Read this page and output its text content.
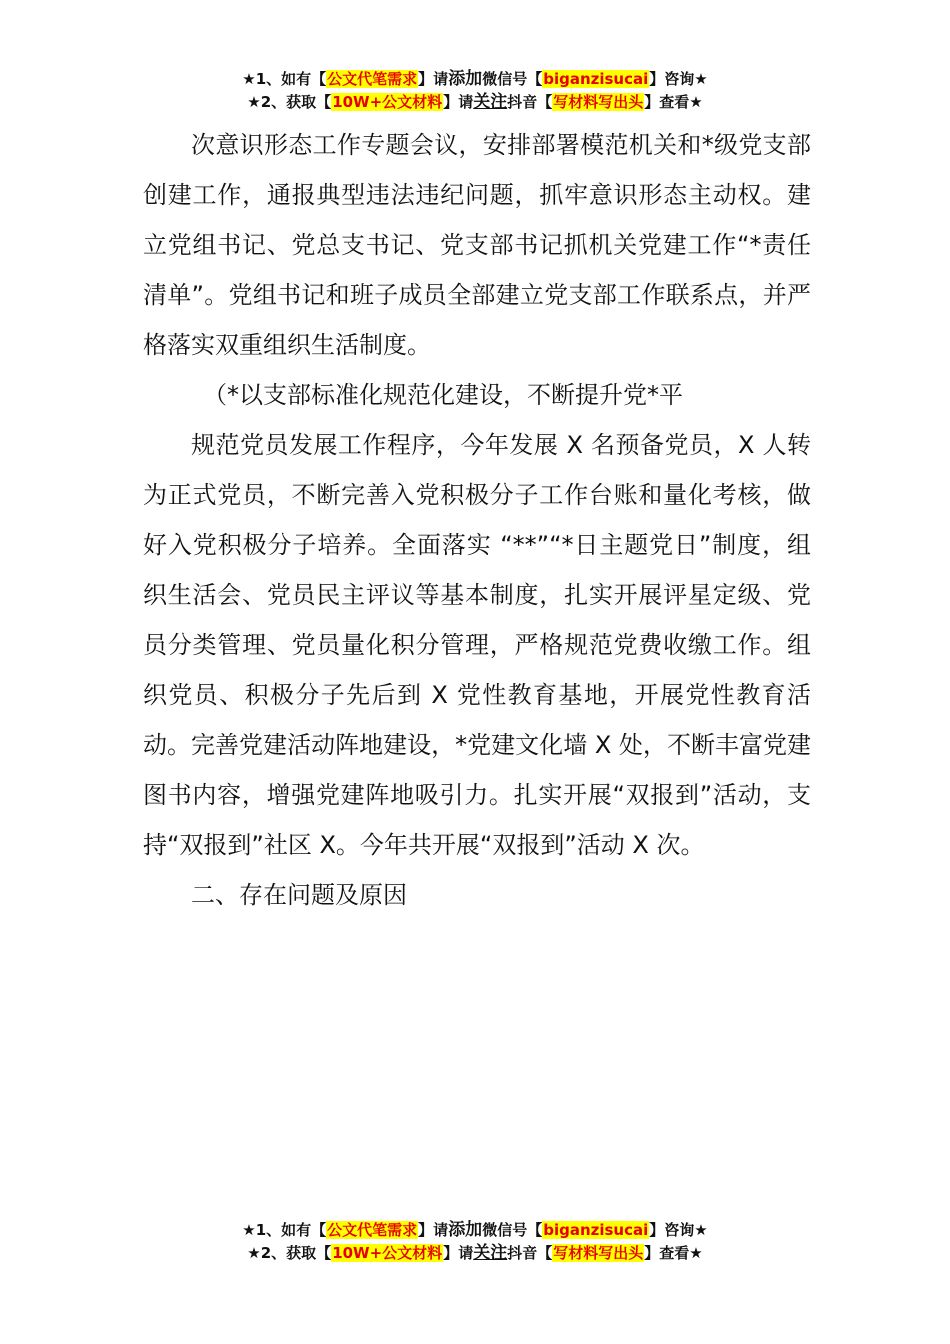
★1、如有【公文代笔需求】请添加微信号【biganzisucai】咨询★
★2、获取【10W+公文材料】请关注抖音【写材料写出头】查看★

次意识形态工作专题会议，安排部署模范机关和*级党支部创建工作，通报典型违法违纪问题，抓牢意识形态主动权。建立党组书记、党总支书记、党支部书记抓机关党建工作“*责任清单”。党组书记和班子成员全部建立党支部工作联系点，并严格落实双重组织生活制度。

（*以支部标准化规范化建设，不断提升党*平

规范党员发展工作程序，今年发展 X 名预备党员，X 人转为正式党员，不断完善入党积极分子工作台账和量化考核，做好入党积极分子培养。全面落实 “**”“*日主题党日”制度，组织生活会、党员民主评议等基本制度，扎实开展评星定级、党员分类管理、党员量化积分管理，严格规范党费收缴工作。组织党员、积极分子先后到 X 党性教育基地，开展党性教育活动。完善党建活动阵地建设，*党建文化墙 X 处，不断丰富党建图书内容，增强党建阵地吸引力。扎实开展“双报到”活动，支持“双报到”社区 X。今年共开展“双报到”活动 X 次。

二、存在问题及原因

★1、如有【公文代笔需求】请添加微信号【biganzisucai】咨询★
★2、获取【10W+公文材料】请关注抖音【写材料写出头】查看★
